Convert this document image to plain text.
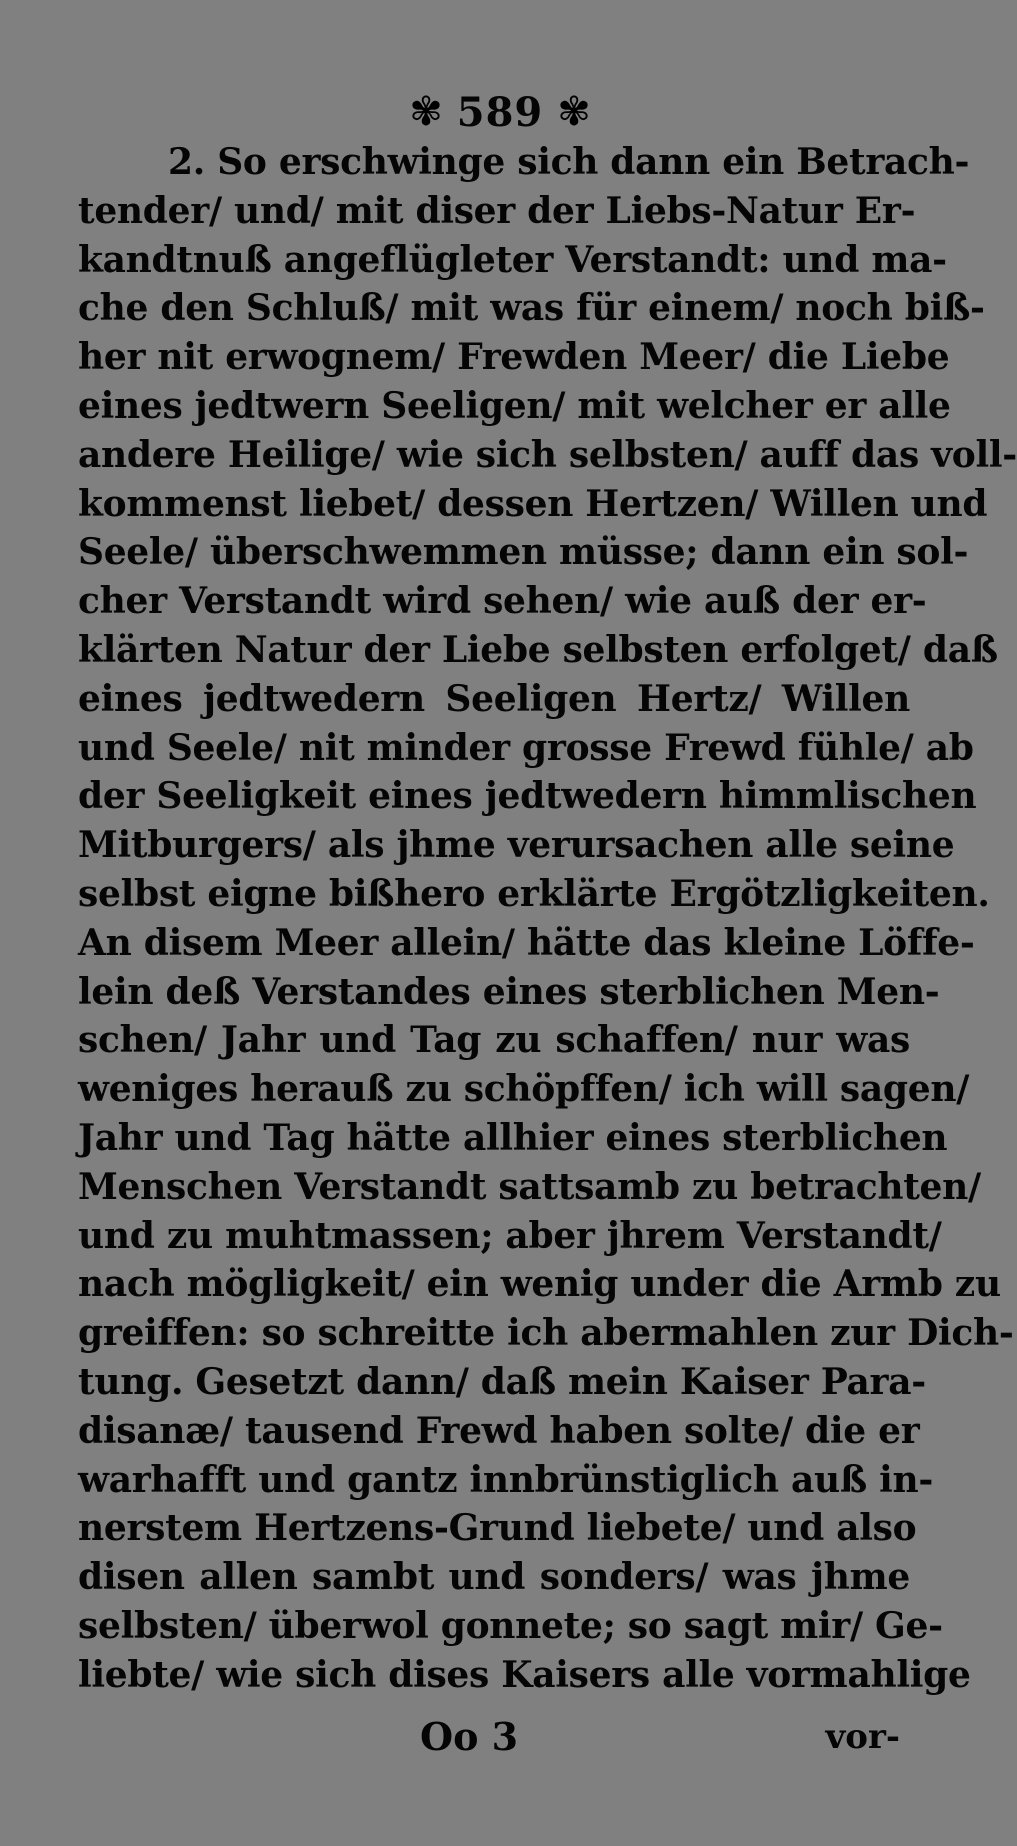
✾ 589 ✾
2. So erschwinge sich dann ein Betrach-
tender/ und/ mit diser der Liebs-Natur Er-
kandtnuß angeflügleter Verstandt: und ma-
che den Schluß/ mit was für einem/ noch biß-
her nit erwognem/ Frewden Meer/ die Liebe
eines jedtwern Seeligen/ mit welcher er alle
andere Heilige/ wie sich selbsten/ auff das voll-
kommenst liebet/ dessen Hertzen/ Willen und
Seele/ überschwemmen müsse; dann ein sol-
cher Verstandt wird sehen/ wie auß der er-
klärten Natur der Liebe selbsten erfolget/ daß
eines jedtwedern Seeligen Hertz/ Willen
und Seele/ nit minder grosse Frewd fühle/ ab
der Seeligkeit eines jedtwedern himmlischen
Mitburgers/ als jhme verursachen alle seine
selbst eigne bißhero erklärte Ergötzligkeiten.
An disem Meer allein/ hätte das kleine Löffe-
lein deß Verstandes eines sterblichen Men-
schen/ Jahr und Tag zu schaffen/ nur was
weniges herauß zu schöpffen/ ich will sagen/
Jahr und Tag hätte allhier eines sterblichen
Menschen Verstandt sattsamb zu betrachten/
und zu muhtmassen; aber jhrem Verstandt/
nach mögligkeit/ ein wenig under die Armb zu
greiffen: so schreitte ich abermahlen zur Dich-
tung. Gesetzt dann/ daß mein Kaiser Para-
disanæ/ tausend Frewd haben solte/ die er
warhafft und gantz innbrünstiglich auß in-
nerstem Hertzens-Grund liebete/ und also
disen allen sambt und sonders/ was jhme
selbsten/ überwol gonnete; so sagt mir/ Ge-
liebte/ wie sich dises Kaisers alle vormahlige
Oo 3	vor-
